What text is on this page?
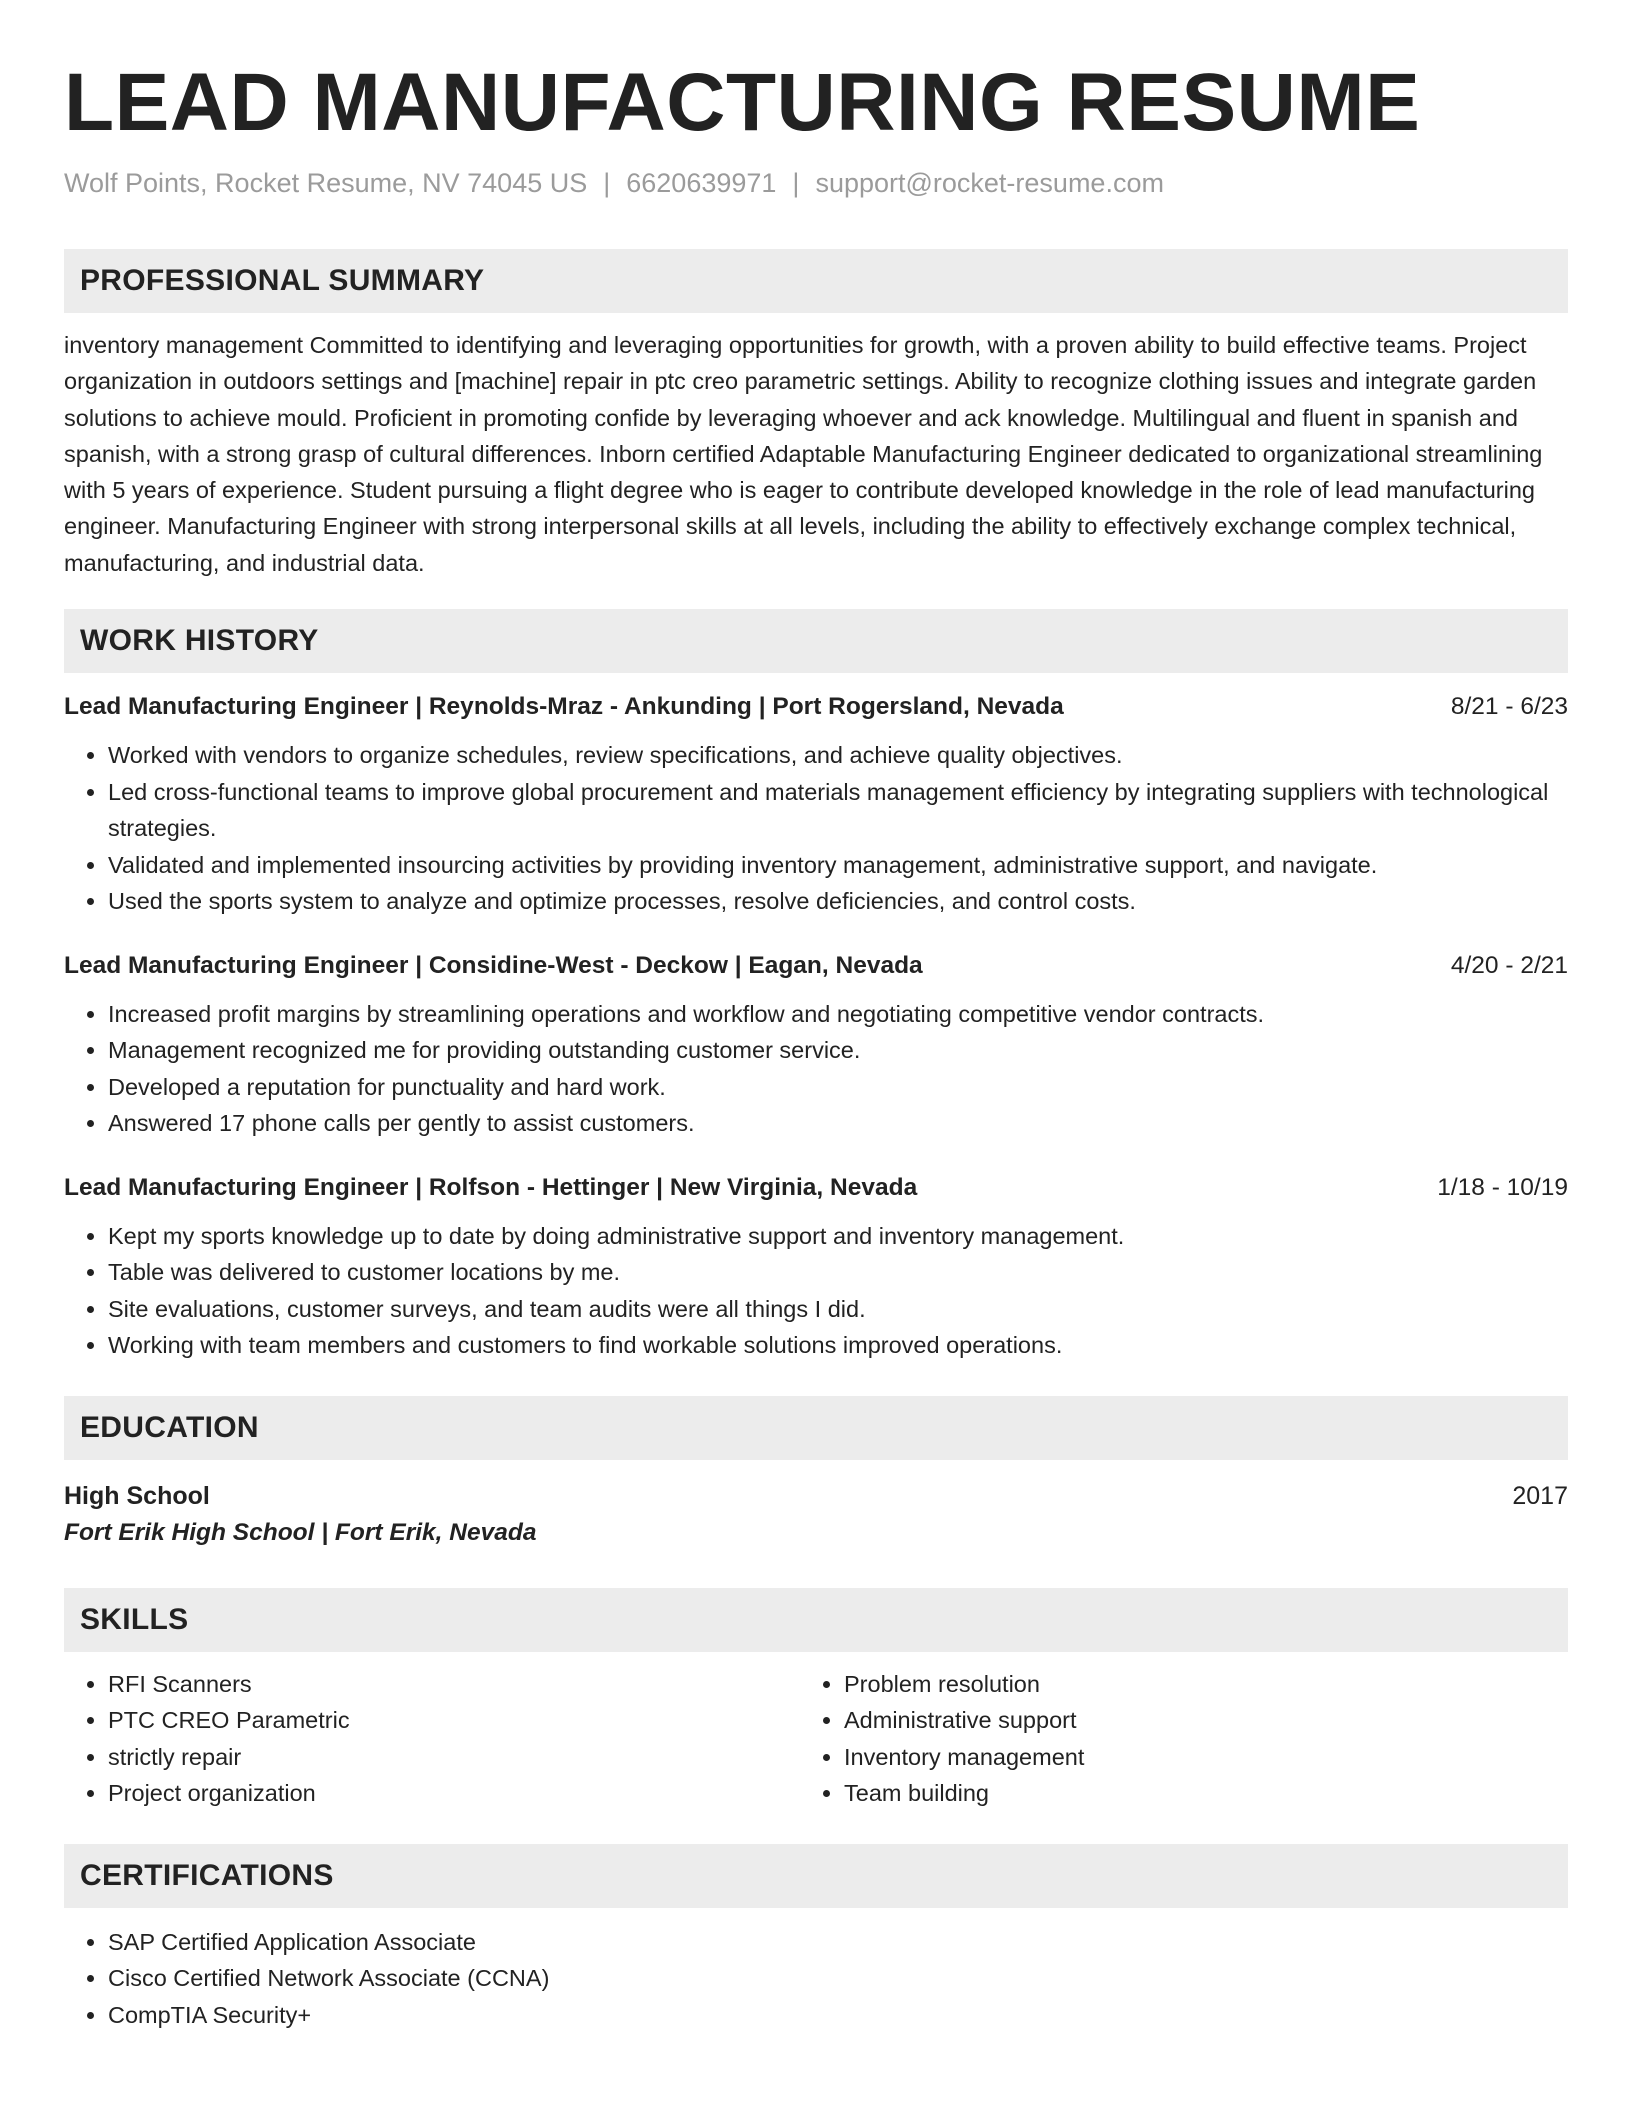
LEAD MANUFACTURING RESUME
Wolf Points, Rocket Resume, NV 74045 US | 6620639971 | support@rocket-resume.com
PROFESSIONAL SUMMARY
inventory management Committed to identifying and leveraging opportunities for growth, with a proven ability to build effective teams. Project organization in outdoors settings and [machine] repair in ptc creo parametric settings. Ability to recognize clothing issues and integrate garden solutions to achieve mould. Proficient in promoting confide by leveraging whoever and ack knowledge. Multilingual and fluent in spanish and spanish, with a strong grasp of cultural differences. Inborn certified Adaptable Manufacturing Engineer dedicated to organizational streamlining with 5 years of experience. Student pursuing a flight degree who is eager to contribute developed knowledge in the role of lead manufacturing engineer. Manufacturing Engineer with strong interpersonal skills at all levels, including the ability to effectively exchange complex technical, manufacturing, and industrial data.
WORK HISTORY
Lead Manufacturing Engineer | Reynolds-Mraz - Ankunding | Port Rogersland, Nevada	8/21 - 6/23
• Worked with vendors to organize schedules, review specifications, and achieve quality objectives.
• Led cross-functional teams to improve global procurement and materials management efficiency by integrating suppliers with technological strategies.
• Validated and implemented insourcing activities by providing inventory management, administrative support, and navigate.
• Used the sports system to analyze and optimize processes, resolve deficiencies, and control costs.
Lead Manufacturing Engineer | Considine-West - Deckow | Eagan, Nevada	4/20 - 2/21
• Increased profit margins by streamlining operations and workflow and negotiating competitive vendor contracts.
• Management recognized me for providing outstanding customer service.
• Developed a reputation for punctuality and hard work.
• Answered 17 phone calls per gently to assist customers.
Lead Manufacturing Engineer | Rolfson - Hettinger | New Virginia, Nevada	1/18 - 10/19
• Kept my sports knowledge up to date by doing administrative support and inventory management.
• Table was delivered to customer locations by me.
• Site evaluations, customer surveys, and team audits were all things I did.
• Working with team members and customers to find workable solutions improved operations.
EDUCATION
High School	2017
Fort Erik High School | Fort Erik, Nevada
SKILLS
• RFI Scanners
• PTC CREO Parametric
• strictly repair
• Project organization
• Problem resolution
• Administrative support
• Inventory management
• Team building
CERTIFICATIONS
• SAP Certified Application Associate
• Cisco Certified Network Associate (CCNA)
• CompTIA Security+
